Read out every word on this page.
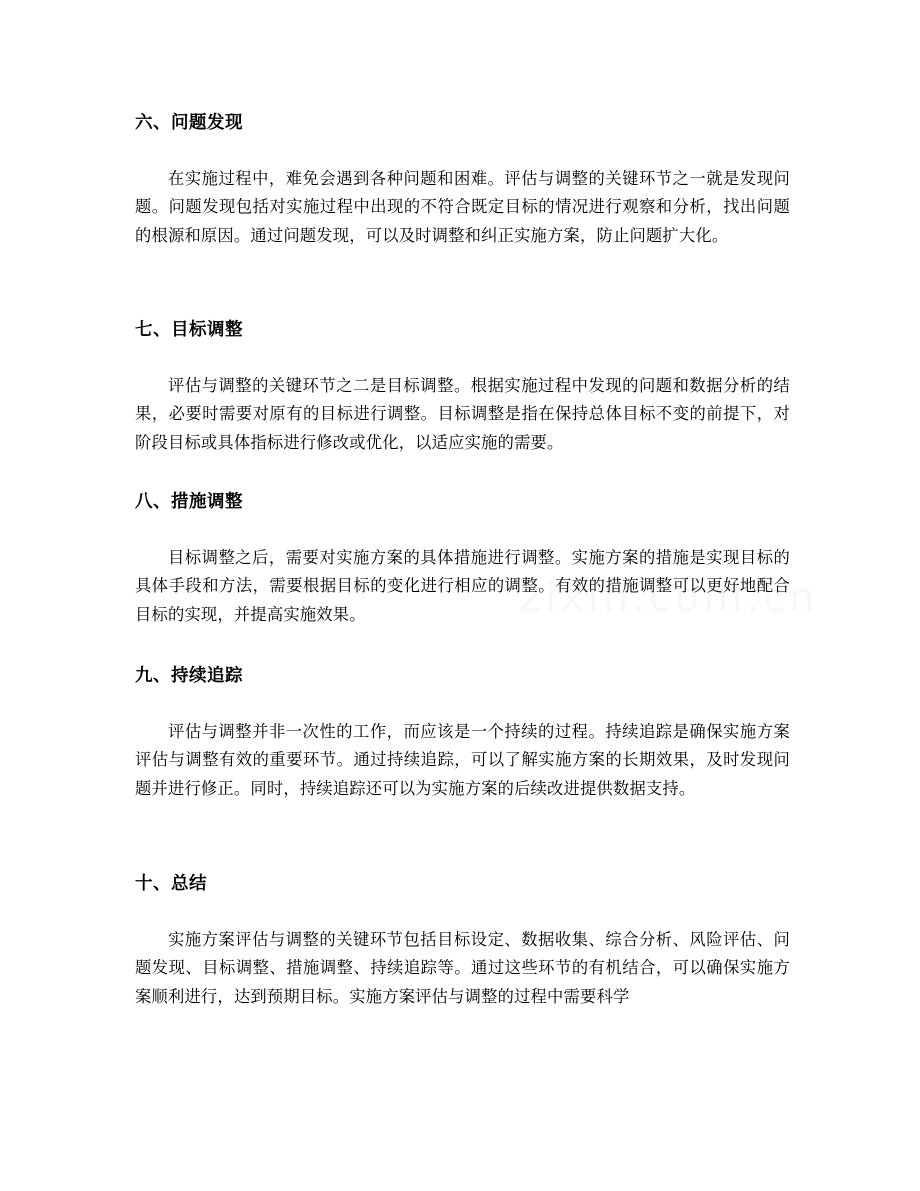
六、问题发现

在实施过程中，难免会遇到各种问题和困难。评估与调整的关键环节之一就是发现问题。问题发现包括对实施过程中出现的不符合既定目标的情况进行观察和分析，找出问题的根源和原因。通过问题发现，可以及时调整和纠正实施方案，防止问题扩大化。

七、目标调整

评估与调整的关键环节之二是目标调整。根据实施过程中发现的问题和数据分析的结果，必要时需要对原有的目标进行调整。目标调整是指在保持总体目标不变的前提下，对阶段目标或具体指标进行修改或优化，以适应实施的需要。

八、措施调整

目标调整之后，需要对实施方案的具体措施进行调整。实施方案的措施是实现目标的具体手段和方法，需要根据目标的变化进行相应的调整。有效的措施调整可以更好地配合目标的实现，并提高实施效果。

九、持续追踪

评估与调整并非一次性的工作，而应该是一个持续的过程。持续追踪是确保实施方案评估与调整有效的重要环节。通过持续追踪，可以了解实施方案的长期效果，及时发现问题并进行修正。同时，持续追踪还可以为实施方案的后续改进提供数据支持。

十、总结

实施方案评估与调整的关键环节包括目标设定、数据收集、综合分析、风险评估、问题发现、目标调整、措施调整、持续追踪等。通过这些环节的有机结合，可以确保实施方案顺利进行，达到预期目标。实施方案评估与调整的过程中需要科学
